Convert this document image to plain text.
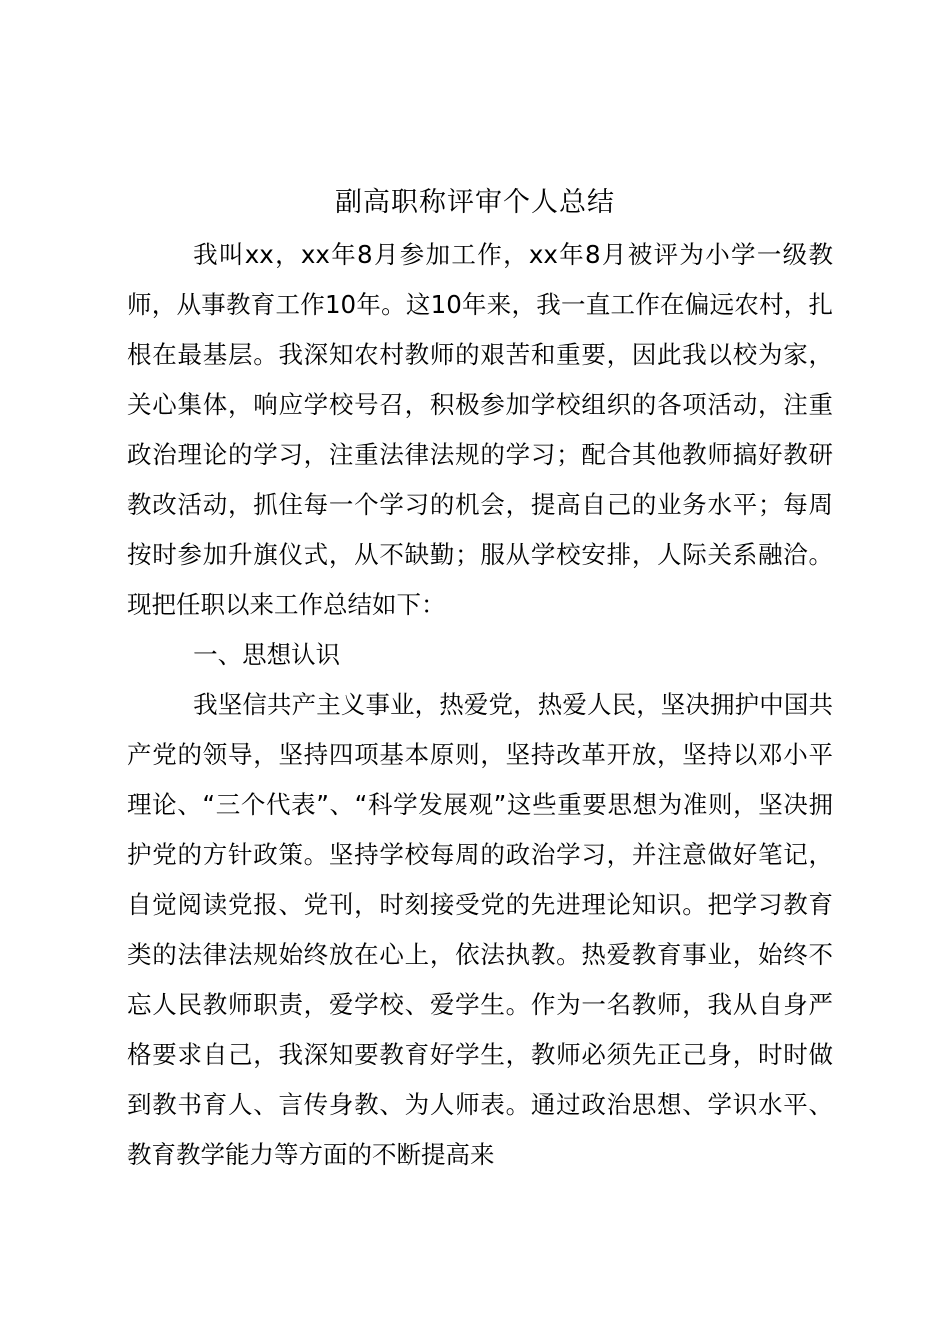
副高职称评审个人总结

我叫xx，xx年8月参加工作，xx年8月被评为小学一级教师，从事教育工作10年。这10年来，我一直工作在偏远农村，扎根在最基层。我深知农村教师的艰苦和重要，因此我以校为家，关心集体，响应学校号召，积极参加学校组织的各项活动，注重政治理论的学习，注重法律法规的学习；配合其他教师搞好教研教改活动，抓住每一个学习的机会，提高自己的业务水平；每周按时参加升旗仪式，从不缺勤；服从学校安排，人际关系融洽。现把任职以来工作总结如下：

一、思想认识

我坚信共产主义事业，热爱党，热爱人民，坚决拥护中国共产党的领导，坚持四项基本原则，坚持改革开放，坚持以邓小平理论、“三个代表”、“科学发展观”这些重要思想为准则，坚决拥护党的方针政策。坚持学校每周的政治学习，并注意做好笔记，自觉阅读党报、党刊，时刻接受党的先进理论知识。把学习教育类的法律法规始终放在心上，依法执教。热爱教育事业，始终不忘人民教师职责，爱学校、爱学生。作为一名教师，我从自身严格要求自己，我深知要教育好学生，教师必须先正己身，时时做到教书育人、言传身教、为人师表。通过政治思想、学识水平、教育教学能力等方面的不断提高来
